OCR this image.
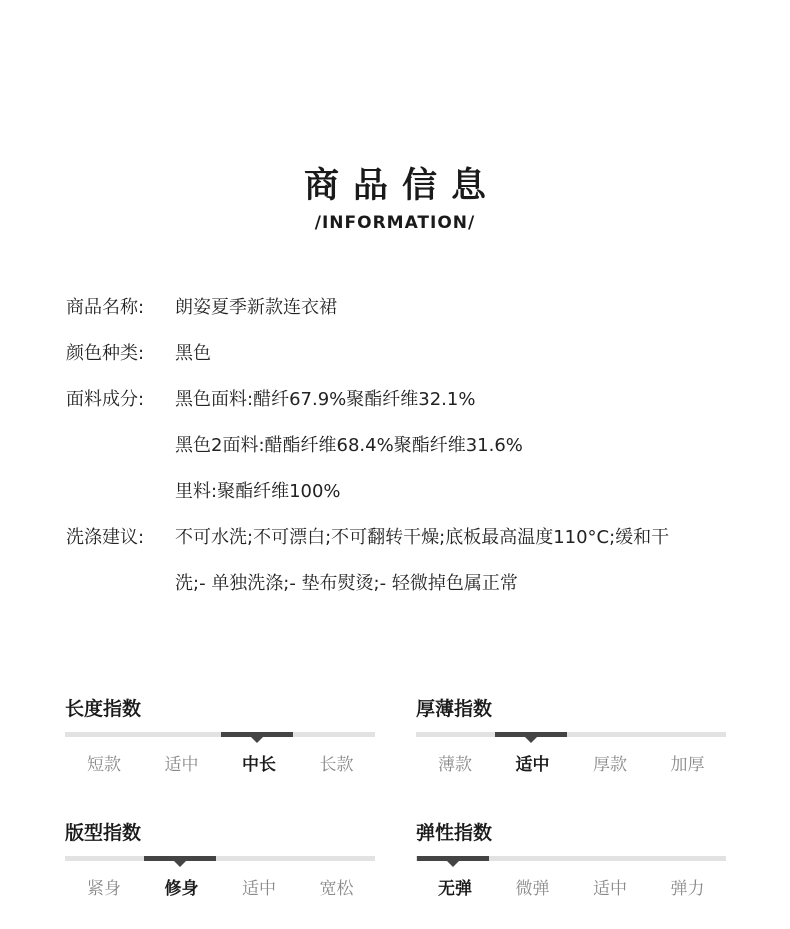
商品信息
/INFORMATION/
商品名称: 朗姿夏季新款连衣裙
颜色种类: 黑色
面料成分: 黑色面料:醋纤67.9%聚酯纤维32.1%
黑色2面料:醋酯纤维68.4%聚酯纤维31.6%
里料:聚酯纤维100%
洗涤建议: 不可水洗;不可漂白;不可翻转干燥;底板最高温度110°C;缓和干
洗;- 单独洗涤;- 垫布熨烫;- 轻微掉色属正常
长度指数
短款	适中	中长	长款
厚薄指数
薄款	适中	厚款	加厚
版型指数
紧身	修身	适中	宽松
弹性指数
无弹	微弹	适中	弹力
